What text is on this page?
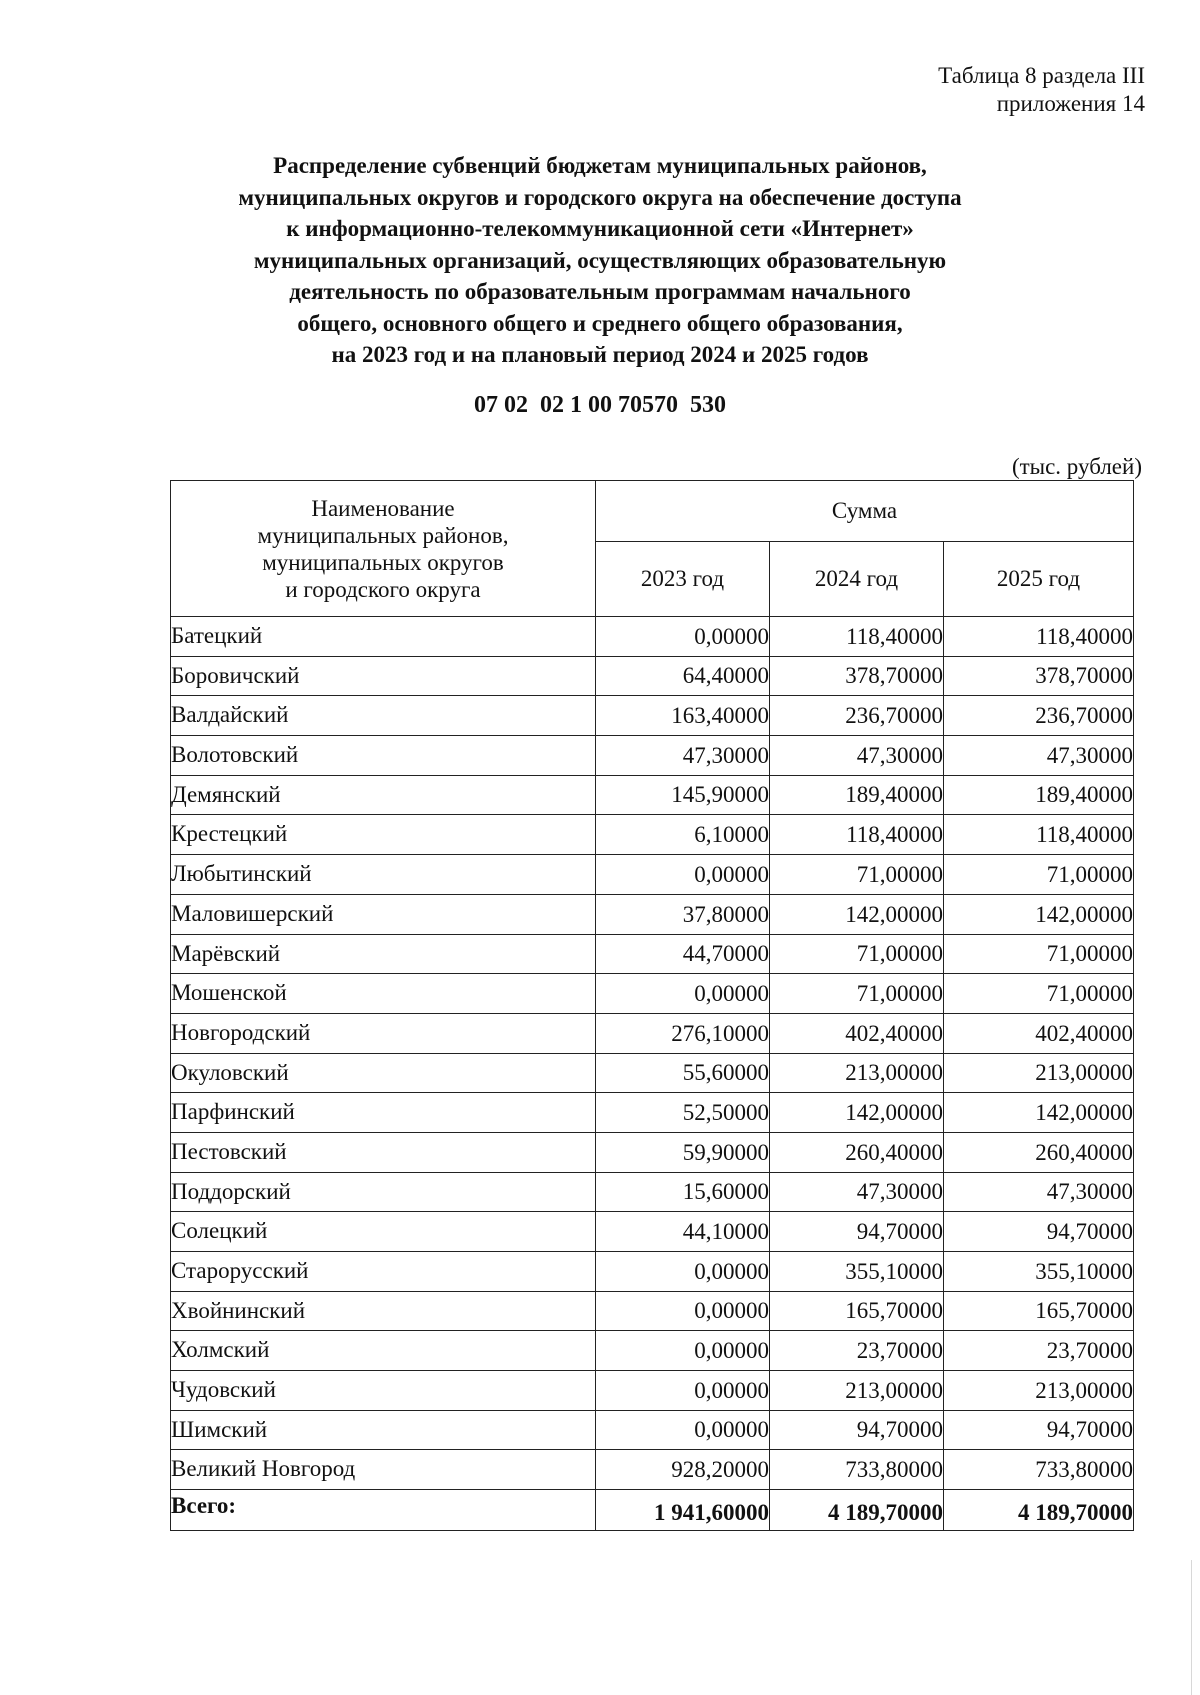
Таблица 8 раздела III
приложения 14
Распределение субвенций бюджетам муниципальных районов,
муниципальных округов и городского округа на обеспечение доступа
к информационно-телекоммуникационной сети «Интернет»
муниципальных организаций, осуществляющих образовательную
деятельность по образовательным программам начального
общего, основного общего и среднего общего образования,
на 2023 год и на плановый период 2024 и 2025 годов
07 02  02 1 00 70570  530
(тыс. рублей)
Наименование
муниципальных районов,
муниципальных округов
и городского округа	Сумма		
	2023 год	2024 год	2025 год
Батецкий	0,00000	118,40000	118,40000
Боровичский	64,40000	378,70000	378,70000
Валдайский	163,40000	236,70000	236,70000
Волотовский	47,30000	47,30000	47,30000
Демянский	145,90000	189,40000	189,40000
Крестецкий	6,10000	118,40000	118,40000
Любытинский	0,00000	71,00000	71,00000
Маловишерский	37,80000	142,00000	142,00000
Марёвский	44,70000	71,00000	71,00000
Мошенской	0,00000	71,00000	71,00000
Новгородский	276,10000	402,40000	402,40000
Окуловский	55,60000	213,00000	213,00000
Парфинский	52,50000	142,00000	142,00000
Пестовский	59,90000	260,40000	260,40000
Поддорский	15,60000	47,30000	47,30000
Солецкий	44,10000	94,70000	94,70000
Старорусский	0,00000	355,10000	355,10000
Хвойнинский	0,00000	165,70000	165,70000
Холмский	0,00000	23,70000	23,70000
Чудовский	0,00000	213,00000	213,00000
Шимский	0,00000	94,70000	94,70000
Великий Новгород	928,20000	733,80000	733,80000
Всего:	1 941,60000	4 189,70000	4 189,70000
